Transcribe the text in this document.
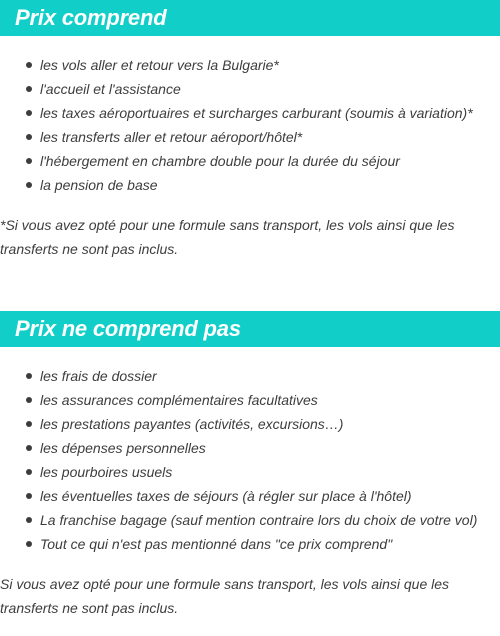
Prix comprend
les vols aller et retour vers la Bulgarie*
l'accueil et l'assistance
les taxes aéroportuaires et surcharges carburant (soumis à variation)*
les transferts aller et retour aéroport/hôtel*
l'hébergement en chambre double pour la durée du séjour
la pension de base

*Si vous avez opté pour une formule sans transport, les vols ainsi que les transferts ne sont pas inclus.

Prix ne comprend pas
les frais de dossier
les assurances complémentaires facultatives
les prestations payantes (activités, excursions…)
les dépenses personnelles
les pourboires usuels
les éventuelles taxes de séjours (à régler sur place à l'hôtel)
La franchise bagage (sauf mention contraire lors du choix de votre vol)
Tout ce qui n'est pas mentionné dans "ce prix comprend"

Si vous avez opté pour une formule sans transport, les vols ainsi que les transferts ne sont pas inclus.
